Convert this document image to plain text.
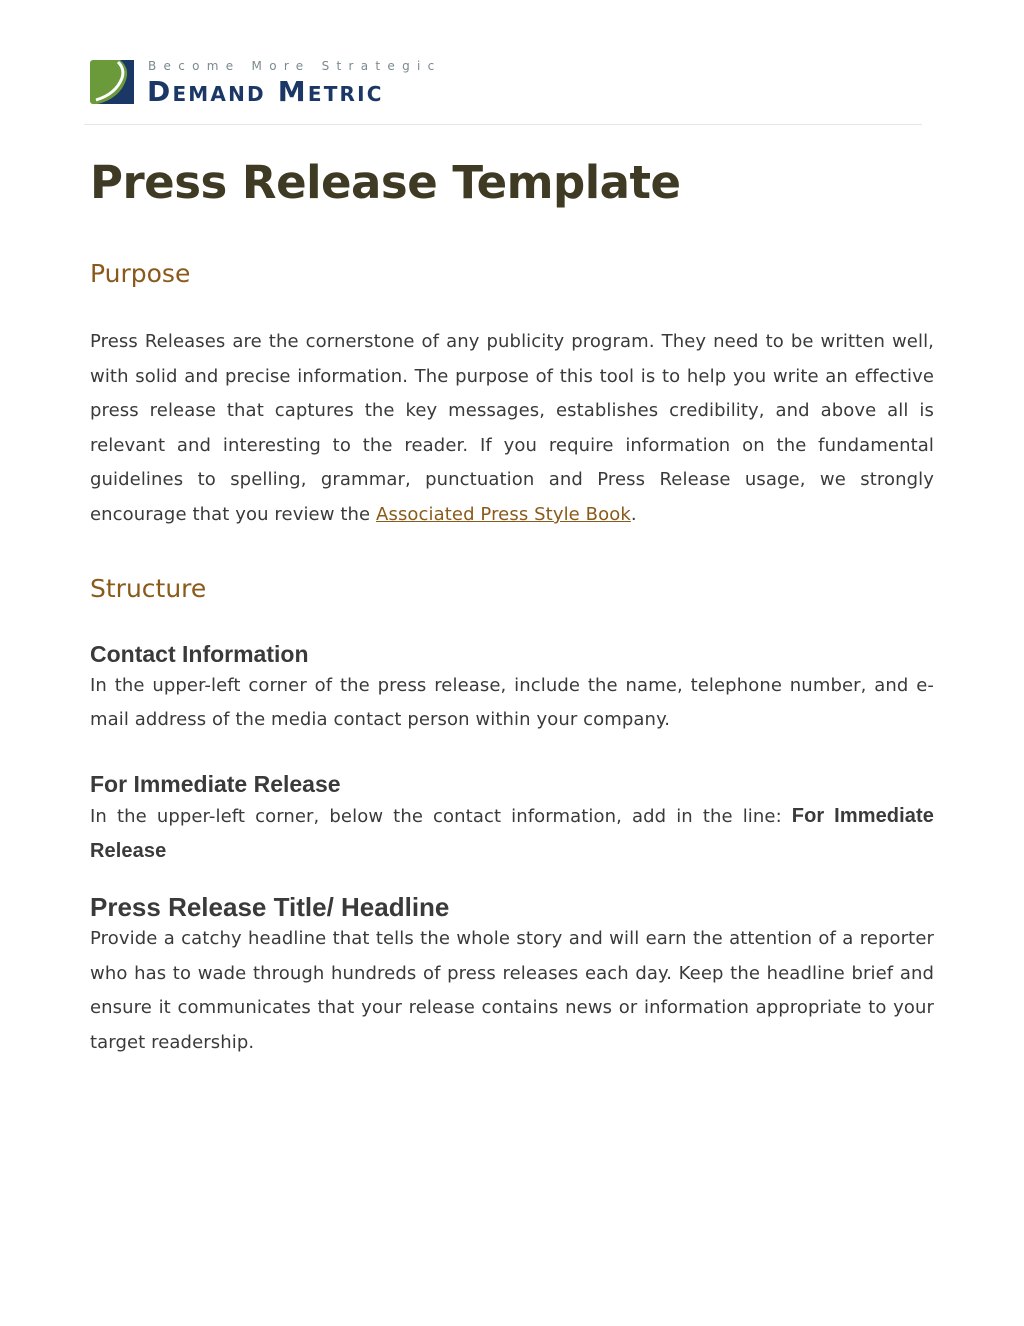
Become More Strategic
Demand Metric
Press Release Template
Purpose

Press Releases are the cornerstone of any publicity program. They need to be written well, with solid and precise information. The purpose of this tool is to help you write an effective press release that captures the key messages, establishes credibility, and above all is relevant and interesting to the reader. If you require information on the fundamental guidelines to spelling, grammar, punctuation and Press Release usage, we strongly encourage that you review the Associated Press Style Book.

Structure
Contact Information

In the upper-left corner of the press release, include the name, telephone number, and e-mail address of the media contact person within your company.

For Immediate Release

In the upper-left corner, below the contact information, add in the line: For Immediate Release

Press Release Title/ Headline

Provide a catchy headline that tells the whole story and will earn the attention of a reporter who has to wade through hundreds of press releases each day. Keep the headline brief and ensure it communicates that your release contains news or information appropriate to your target readership.
